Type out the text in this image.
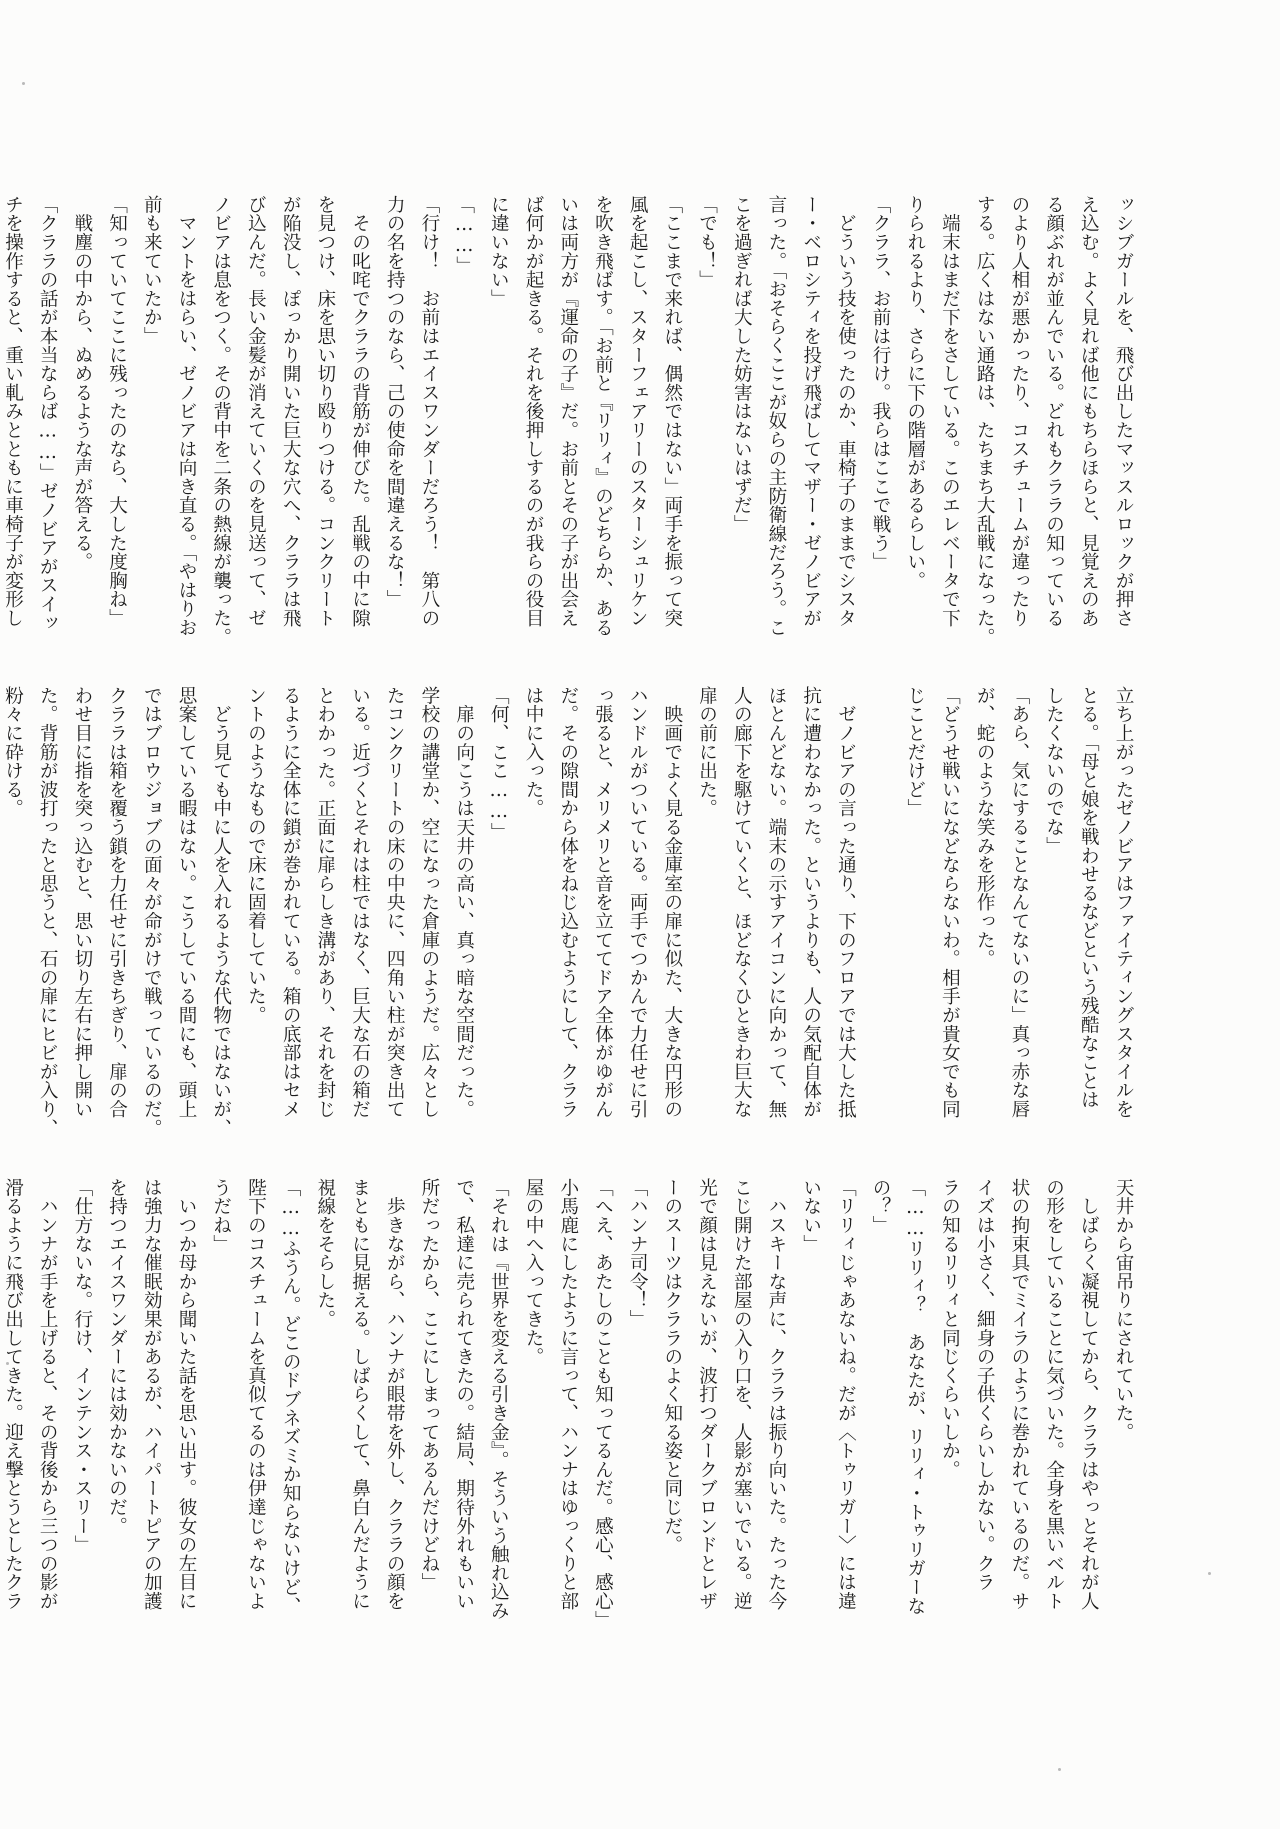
ッシブガールを、飛び出したマッスルロックが押さ
え込む。よく見れば他にもちらほらと、見覚えのあ
る顔ぶれが並んでいる。どれもクララの知っている
のより人相が悪かったり、コスチュームが違ったり
する。広くはない通路は、たちまち大乱戦になった。
　端末はまだ下をさしている。このエレベータで下
りられるより、さらに下の階層があるらしい。
「クララ、お前は行け。我らはここで戦う」
　どういう技を使ったのか、車椅子のままでシスタ
ー・ベロシティを投げ飛ばしてマザー・ゼノビアが
言った。「おそらくここが奴らの主防衛線だろう。こ
こを過ぎれば大した妨害はないはずだ」
「でも！」
「ここまで来れば、偶然ではない」両手を振って突
風を起こし、スターフェアリーのスターシュリケン
を吹き飛ばす。「お前と『リリィ』のどちらか、ある
いは両方が『運命の子』だ。お前とその子が出会え
ば何かが起きる。それを後押しするのが我らの役目
に違いない」
「……」
「行け！　お前はエイスワンダーだろう！　第八の
力の名を持つのなら、己の使命を間違えるな！」
　その叱咤でクララの背筋が伸びた。乱戦の中に隙
を見つけ、床を思い切り殴りつける。コンクリート
が陥没し、ぽっかり開いた巨大な穴へ、クララは飛
び込んだ。長い金髪が消えていくのを見送って、ゼ
ノビアは息をつく。その背中を二条の熱線が襲った。
　マントをはらい、ゼノビアは向き直る。「やはりお
前も来ていたか」
「知っていてここに残ったのなら、大した度胸ね」
　戦塵の中から、ぬめるような声が答える。
「クララの話が本当ならば……」ゼノビアがスイッ
チを操作すると、重い軋みとともに車椅子が変形し
立ち上がったゼノビアはファイティングスタイルを
とる。「母と娘を戦わせるなどという残酷なことは
したくないのでな」
「あら、気にすることなんてないのに」真っ赤な唇
が、蛇のような笑みを形作った。
「どうせ戦いになどならないわ。相手が貴女でも同
じことだけど」

　ゼノビアの言った通り、下のフロアでは大した抵
抗に遭わなかった。というよりも、人の気配自体が
ほとんどない。端末の示すアイコンに向かって、無
人の廊下を駆けていくと、ほどなくひときわ巨大な
扉の前に出た。
　映画でよく見る金庫室の扉に似た、大きな円形の
ハンドルがついている。両手でつかんで力任せに引
っ張ると、メリメリと音を立ててドア全体がゆがん
だ。その隙間から体をねじ込むようにして、クララ
は中に入った。
「何、ここ……」
　扉の向こうは天井の高い、真っ暗な空間だった。
学校の講堂か、空になった倉庫のようだ。広々とし
たコンクリートの床の中央に、四角い柱が突き出て
いる。近づくとそれは柱ではなく、巨大な石の箱だ
とわかった。正面に扉らしき溝があり、それを封じ
るように全体に鎖が巻かれている。箱の底部はセメ
ントのようなもので床に固着していた。
　どう見ても中に人を入れるような代物ではないが、
思案している暇はない。こうしている間にも、頭上
ではブロウジョブの面々が命がけで戦っているのだ。
クララは箱を覆う鎖を力任せに引きちぎり、扉の合
わせ目に指を突っ込むと、思い切り左右に押し開い
た。背筋が波打ったと思うと、石の扉にヒビが入り、
粉々に砕ける。
天井から宙吊りにされていた。
　しばらく凝視してから、クララはやっとそれが人
の形をしていることに気づいた。全身を黒いベルト
状の拘束具でミイラのように巻かれているのだ。サ
イズは小さく、細身の子供くらいしかない。クラ
ラの知るリリィと同じくらいしか。
「……リリィ？　あなたが、リリィ・トゥリガーな
の？」
「リリィじゃあないね。だが〈トゥリガー〉には違
いない」
　ハスキーな声に、クララは振り向いた。たった今
こじ開けた部屋の入り口を、人影が塞いでいる。逆
光で顔は見えないが、波打つダークブロンドとレザ
ーのスーツはクララのよく知る姿と同じだ。
「ハンナ司令！」
「へえ、あたしのことも知ってるんだ。感心、感心」
小馬鹿にしたように言って、ハンナはゆっくりと部
屋の中へ入ってきた。
「それは『世界を変える引き金』。そういう触れ込み
で、私達に売られてきたの。結局、期待外れもいい
所だったから、ここにしまってあるんだけどね」
　歩きながら、ハンナが眼帯を外し、クララの顔を
まともに見据える。しばらくして、鼻白んだように
視線をそらした。
「……ふうん。どこのドブネズミか知らないけど、
陛下のコスチュームを真似てるのは伊達じゃないよ
うだね」
　いつか母から聞いた話を思い出す。彼女の左目に
は強力な催眠効果があるが、ハイパートピアの加護
を持つエイスワンダーには効かないのだ。
「仕方ないな。行け、インテンス・スリー」
　ハンナが手を上げると、その背後から三つの影が
滑るように飛び出してきた。迎え撃とうとしたクラ
